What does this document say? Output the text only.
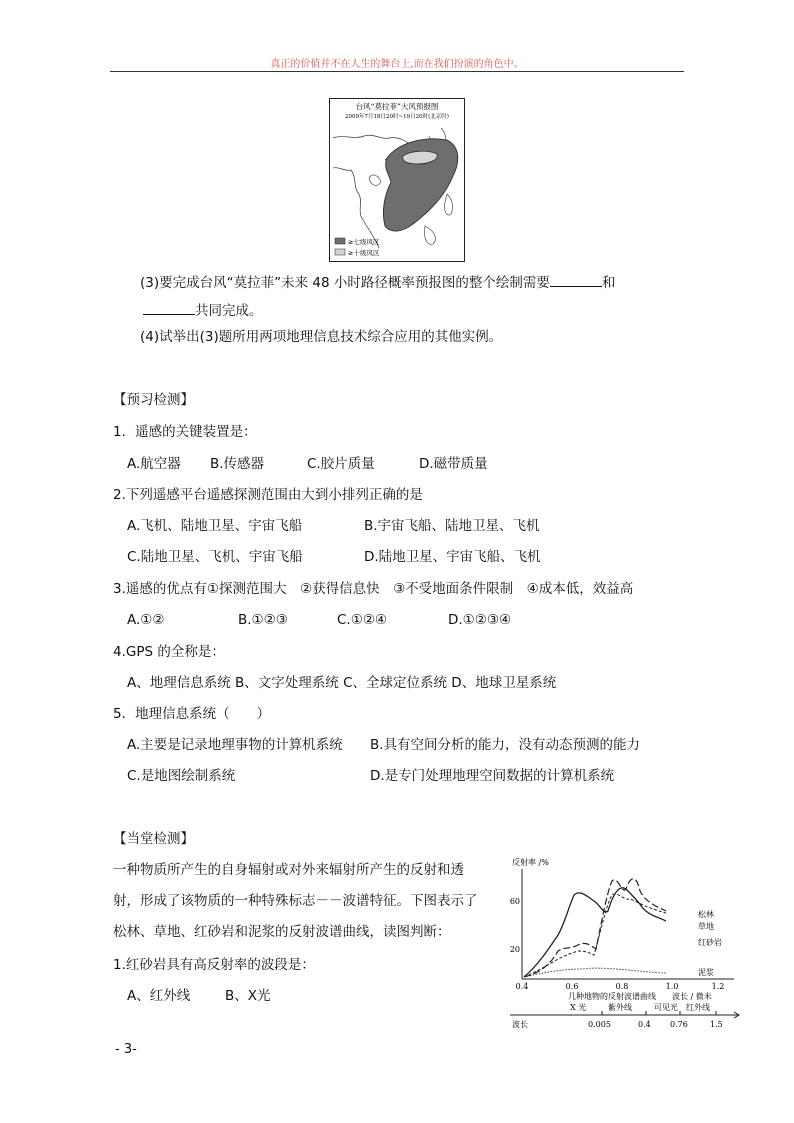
真正的价值并不在人生的舞台上,而在我们扮演的角色中。
台风“莫拉菲”大风预报图
2009年7月18日20时~19日20时(北京时)
≥七级风区
≥十级风区
(3)要完成台风“莫拉菲”未来 48 小时路径概率预报图的整个绘制需要	和
共同完成。
(4)试举出(3)题所用两项地理信息技术综合应用的其他实例。
【预习检测】
1．遥感的关键装置是：
A.航空器 B.传感器	C.胶片质量	D.磁带质量
2.下列遥感平台遥感探测范围由大到小排列正确的是
A.飞机、陆地卫星、宇宙飞船	B.宇宙飞船、陆地卫星、飞机
C.陆地卫星、飞机、宇宙飞船	D.陆地卫星、宇宙飞船、飞机
3.遥感的优点有①探测范围大　②获得信息快　③不受地面条件限制　④成本低，效益高
A.①②	B.①②③	C.①②④	D.①②③④
4.GPS 的全称是：
A、地理信息系统 B、文字处理系统 C、全球定位系统 D、地球卫星系统
5．地理信息系统（　　）
A.主要是记录地理事物的计算机系统 B.具有空间分析的能力，没有动态预测的能力
C.是地图绘制系统	D.是专门处理地理空间数据的计算机系统
【当堂检测】
一种物质所产生的自身辐射或对外来辐射所产生的反射和透
射，形成了该物质的一种特殊标志－－波谱特征。下图表示了
松林、草地、红砂岩和泥浆的反射波谱曲线，读图判断：
1.红砂岩具有高反射率的波段是：
A、红外线	B、X光
反射率 /%
60
20
松林
草地
红砂岩
泥浆
0.4	0.6	0.8	1.0	1.2
几种地物的反射波谱曲线 波长 / 微米
X 光	紫外线	可见光 红外线
波长	0.005	0.4 0.76	1.5
- 3-
